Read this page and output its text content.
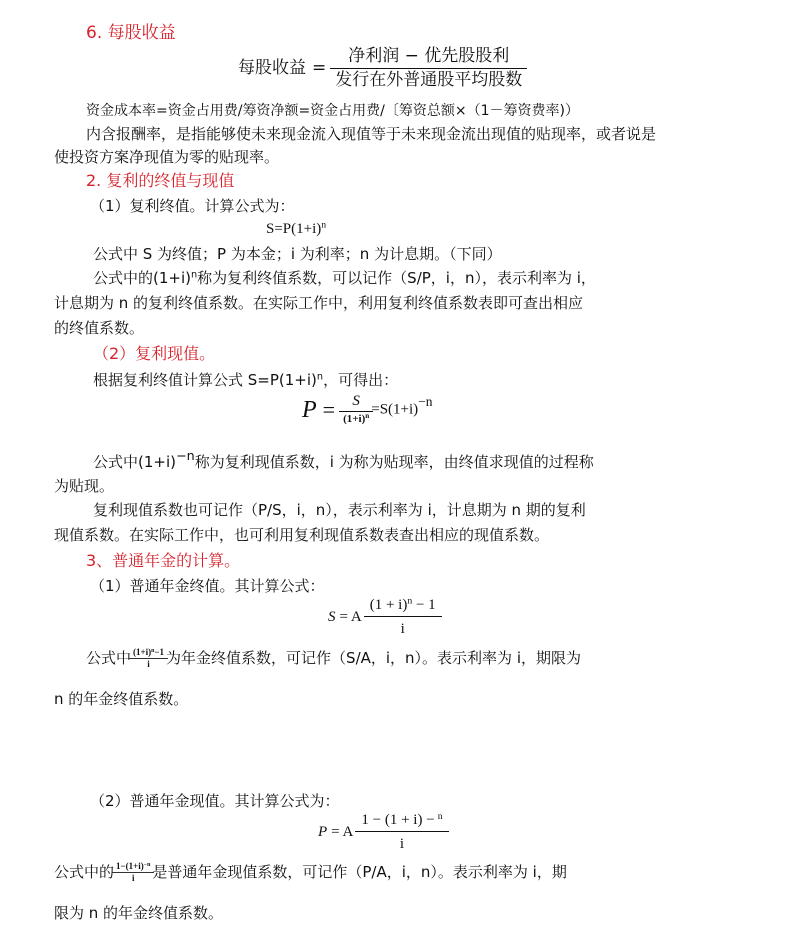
6. 每股收益
每股收益 = $\frac{\text{净利润 − 优先股股利}}{\text{发行在外普通股平均股数}}$
资金成本率=资金占用费/筹资净额=资金占用费/〔筹资总额×（1－筹资费率)）
内含报酬率，是指能够使未来现金流入现值等于未来现金流出现值的贴现率，或者说是
使投资方案净现值为零的贴现率。
2. 复利的终值与现值
（1）复利终值。计算公式为：
$S=P(1+i)^n$
公式中 S 为终值；P 为本金；i 为利率；n 为计息期。（下同）
公式中的$(1+i)^n$称为复利终值系数，可以记作（S/P，i，n），表示利率为 i，
计息期为 n 的复利终值系数。在实际工作中，利用复利终值系数表即可查出相应
的终值系数。
（2）复利现值。
根据复利终值计算公式 $S=P(1+i)^n$，可得出：
$P = \frac{S}{(1+i)^n} =S(1+i)^{-n}$
公式中$(1+i)^{-n}$称为复利现值系数，i 为称为贴现率，由终值求现值的过程称
为贴现。
复利现值系数也可记作（P/S，i，n），表示利率为 i，计息期为 n 期的复利
现值系数。在实际工作中，也可利用复利现值系数表查出相应的现值系数。
3、普通年金的计算。
（1）普通年金终值。其计算公式：
S = A $\frac{(1 + i)^n - 1}{i}$
公式中 $\frac{(1+i)^n-1}{i}$ 为年金终值系数，可记作（S/A，i，n）。表示利率为 i，期限为
n 的年金终值系数。
（2）普通年金现值。其计算公式为：
P = A $\frac{1 - (1 + i) - ^n}{i}$
公式中的 $\frac{1-(1+i)^{-n}}{i}$ 是普通年金现值系数，可记作（P/A，i，n）。表示利率为 i，期
限为 n 的年金终值系数。
